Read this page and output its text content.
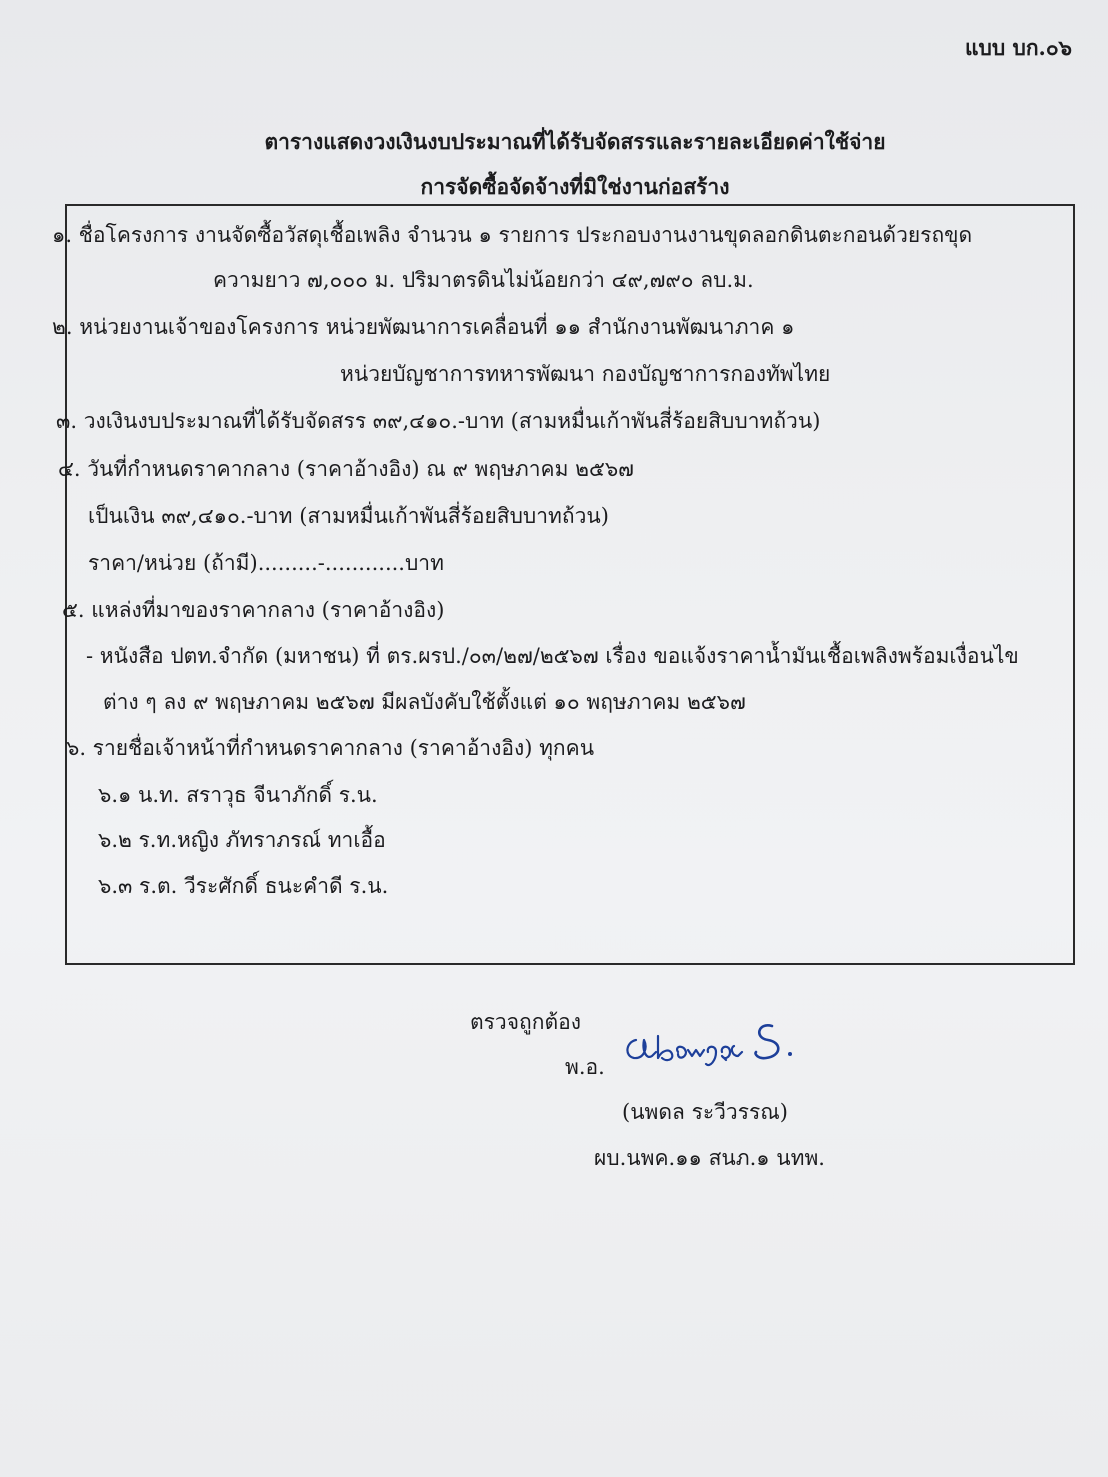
แบบ บก.๐๖
ตารางแสดงวงเงินงบประมาณที่ได้รับจัดสรรและรายละเอียดค่าใช้จ่าย
การจัดซื้อจัดจ้างที่มิใช่งานก่อสร้าง
๑. ชื่อโครงการ งานจัดซื้อวัสดุเชื้อเพลิง จำนวน ๑ รายการ ประกอบงานงานขุดลอกดินตะกอนด้วยรถขุด
ความยาว ๗,๐๐๐ ม. ปริมาตรดินไม่น้อยกว่า ๔๙,๗๙๐ ลบ.ม.
๒. หน่วยงานเจ้าของโครงการ หน่วยพัฒนาการเคลื่อนที่ ๑๑ สำนักงานพัฒนาภาค ๑
หน่วยบัญชาการทหารพัฒนา กองบัญชาการกองทัพไทย
๓. วงเงินงบประมาณที่ได้รับจัดสรร ๓๙,๔๑๐.-บาท (สามหมื่นเก้าพันสี่ร้อยสิบบาทถ้วน)
๔. วันที่กำหนดราคากลาง (ราคาอ้างอิง) ณ ๙ พฤษภาคม ๒๕๖๗
เป็นเงิน ๓๙,๔๑๐.-บาท (สามหมื่นเก้าพันสี่ร้อยสิบบาทถ้วน)
ราคา/หน่วย (ถ้ามี).........-............บาท
๕. แหล่งที่มาของราคากลาง (ราคาอ้างอิง)
- หนังสือ ปตท.จำกัด (มหาชน) ที่ ตร.ผรป./๐๓/๒๗/๒๕๖๗ เรื่อง ขอแจ้งราคาน้ำมันเชื้อเพลิงพร้อมเงื่อนไข
ต่าง ๆ ลง ๙ พฤษภาคม ๒๕๖๗ มีผลบังคับใช้ตั้งแต่ ๑๐ พฤษภาคม ๒๕๖๗
๖. รายชื่อเจ้าหน้าที่กำหนดราคากลาง (ราคาอ้างอิง) ทุกคน
๖.๑ น.ท. สราวุธ จีนาภักดิ์ ร.น.
๖.๒ ร.ท.หญิง ภัทราภรณ์ ทาเอื้อ
๖.๓ ร.ต. วีระศักดิ์ ธนะคำดี ร.น.
ตรวจถูกต้อง
พ.อ.
(นพดล ระวีวรรณ)
ผบ.นพค.๑๑ สนภ.๑ นทพ.
